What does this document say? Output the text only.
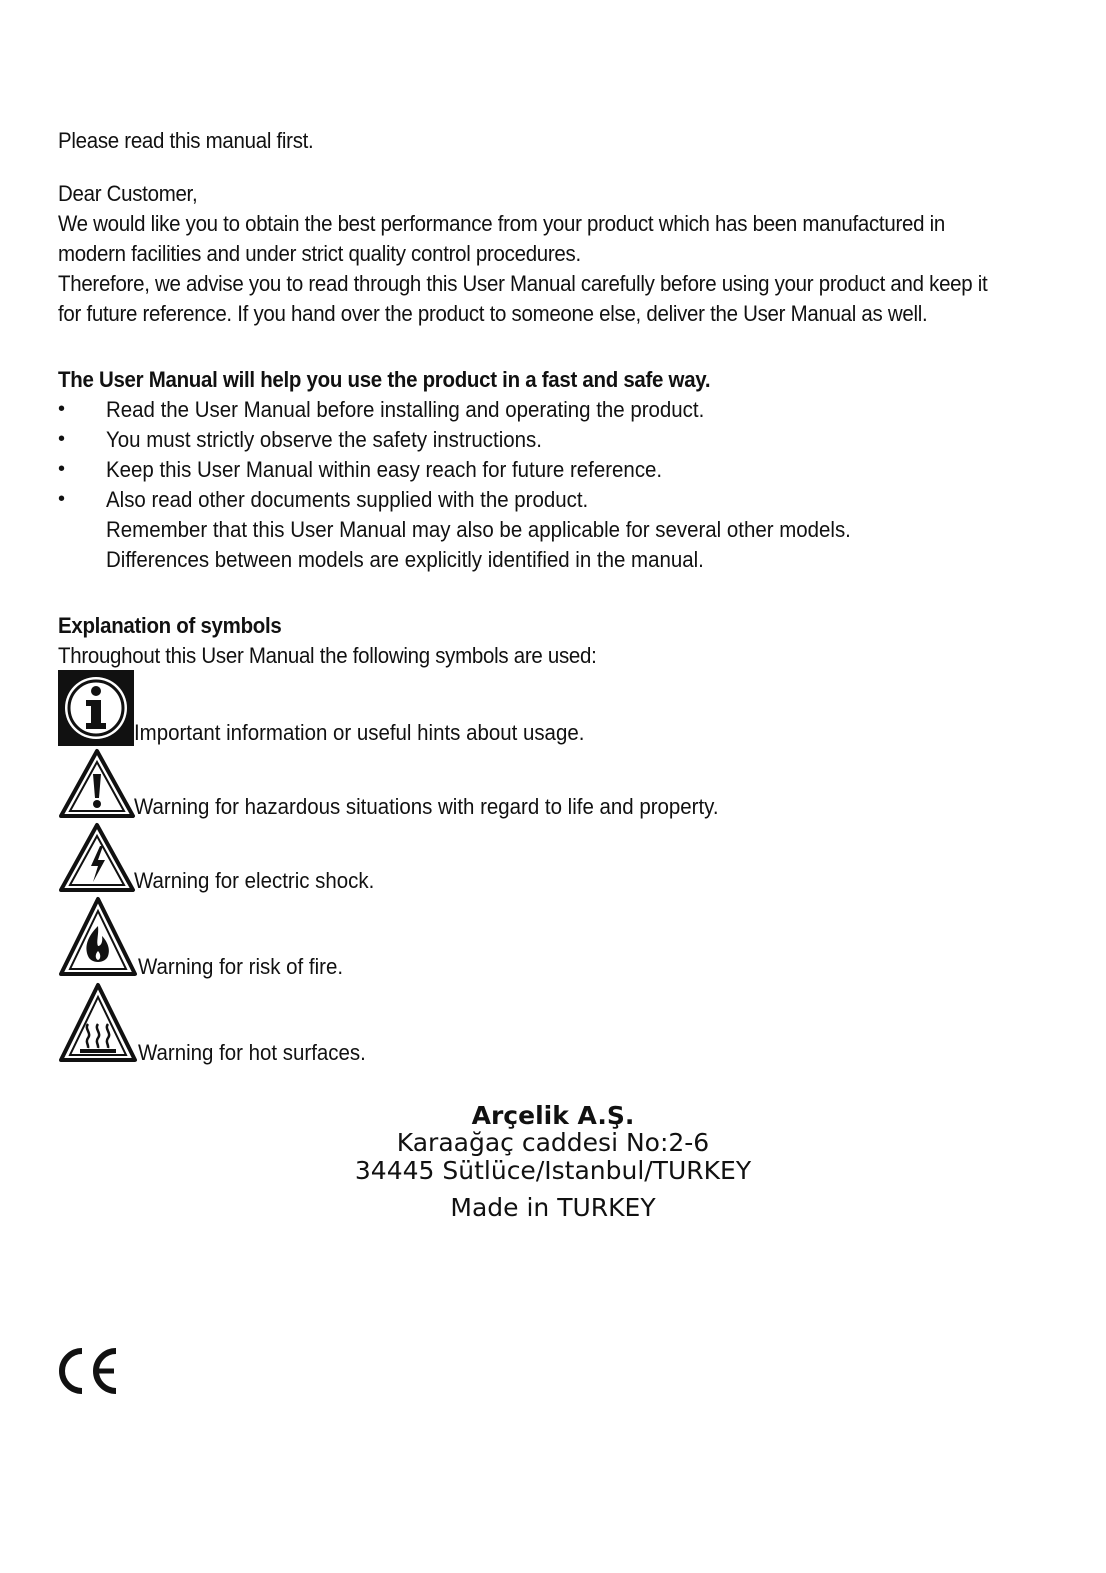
Please read this manual first.
Dear Customer,
We would like you to obtain the best performance from your product which has been manufactured in
modern facilities and under strict quality control procedures.
Therefore, we advise you to read through this User Manual carefully before using your product and keep it
for future reference. If you hand over the product to someone else, deliver the User Manual as well.
The User Manual will help you use the product in a fast and safe way.
• Read the User Manual before installing and operating the product.
• You must strictly observe the safety instructions.
• Keep this User Manual within easy reach for future reference.
• Also read other documents supplied with the product.
Remember that this User Manual may also be applicable for several other models.
Differences between models are explicitly identified in the manual.
Explanation of symbols
Throughout this User Manual the following symbols are used:
Important information or useful hints about usage.
Warning for hazardous situations with regard to life and property.
Warning for electric shock.
Warning for risk of fire.
Warning for hot surfaces.
Arçelik A.Ş.
Karaağaç caddesi No:2-6
34445 Sütlüce/Istanbul/TURKEY
Made in TURKEY
